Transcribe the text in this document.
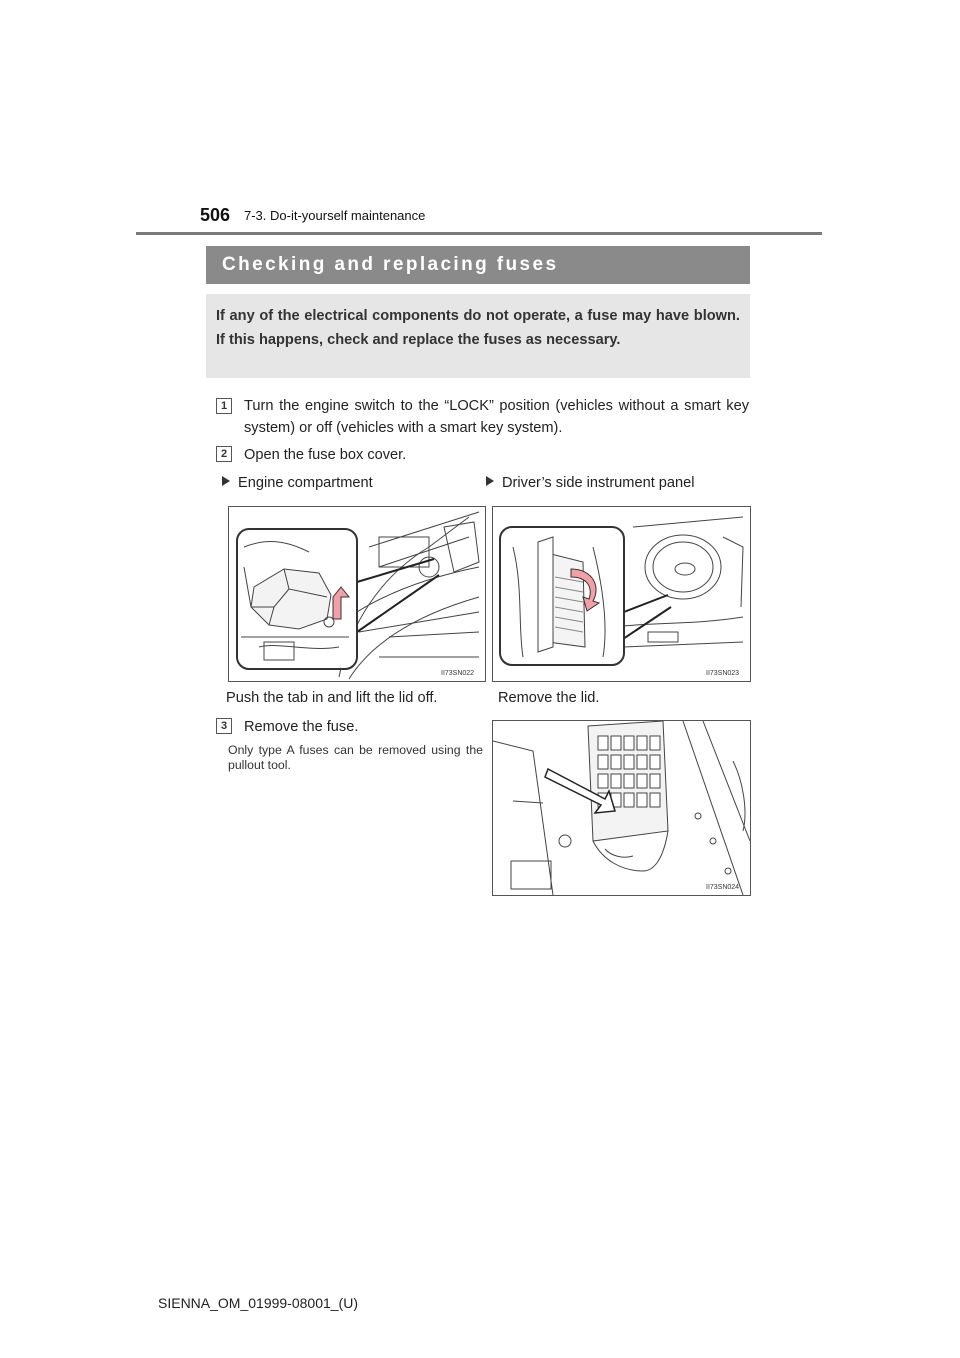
506 7-3. Do-it-yourself maintenance
Checking and replacing fuses
If any of the electrical components do not operate, a fuse may have blown. If this happens, check and replace the fuses as necessary.
1	Turn the engine switch to the “LOCK” position (vehicles without a smart key system) or off (vehicles with a smart key system).
2	Open the fuse box cover.
Engine compartment	Driver’s side instrument panel
II73SN022	II73SN023
Push the tab in and lift the lid off.	Remove the lid.
3	Remove the fuse.
Only type A fuses can be removed using the pullout tool.
II73SN024
SIENNA_OM_01999-08001_(U)
